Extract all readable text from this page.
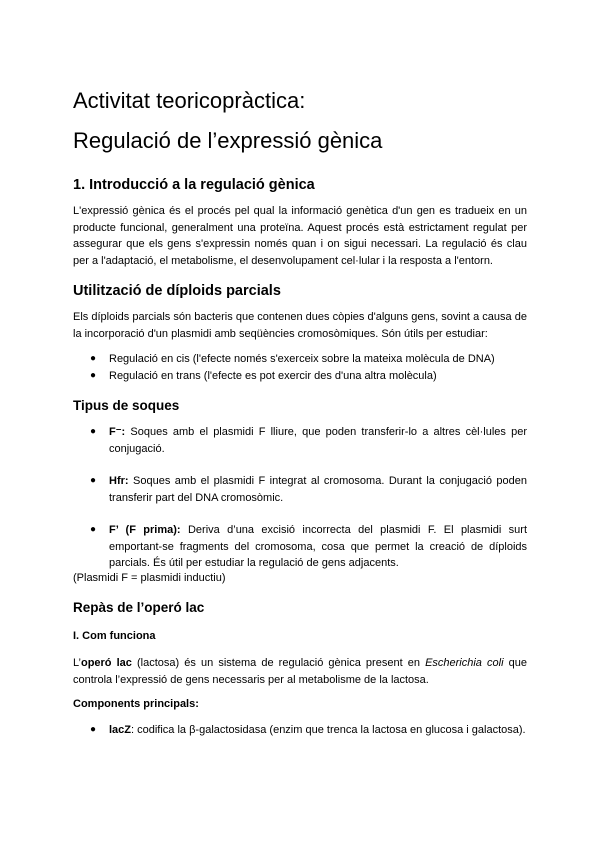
Activitat teoricopràctica:
Regulació de l’expressió gènica
1. Introducció a la regulació gènica

L'expressió gènica és el procés pel qual la informació genètica d'un gen es tradueix en un producte funcional, generalment una proteïna. Aquest procés està estrictament regulat per assegurar que els gens s'expressin només quan i on sigui necessari. La regulació és clau per a l'adaptació, el metabolisme, el desenvolupament cel·lular i la resposta a l'entorn.

Utilització de díploids parcials

Els díploids parcials són bacteris que contenen dues còpies d'alguns gens, sovint a causa de la incorporació d'un plasmidi amb seqüències cromosòmiques. Són útils per estudiar:

● Regulació en cis (l'efecte només s'exerceix sobre la mateixa molècula de DNA)
● Regulació en trans (l'efecte es pot exercir des d'una altra molècula)
Tipus de soques
● F⁻: Soques amb el plasmidi F lliure, que poden transferir-lo a altres cèl·lules per conjugació.
● Hfr: Soques amb el plasmidi F integrat al cromosoma. Durant la conjugació poden transferir part del DNA cromosòmic.
● F’ (F prima): Deriva d’una excisió incorrecta del plasmidi F. El plasmidi surt emportant-se fragments del cromosoma, cosa que permet la creació de díploids parcials. És útil per estudiar la regulació de gens adjacents.

(Plasmidi F = plasmidi inductiu)

Repàs de l’operó lac
I. Com funciona

L’operó lac (lactosa) és un sistema de regulació gènica present en Escherichia coli que controla l’expressió de gens necessaris per al metabolisme de la lactosa.

Components principals:
● lacZ: codifica la β-galactosidasa (enzim que trenca la lactosa en glucosa i galactosa).
